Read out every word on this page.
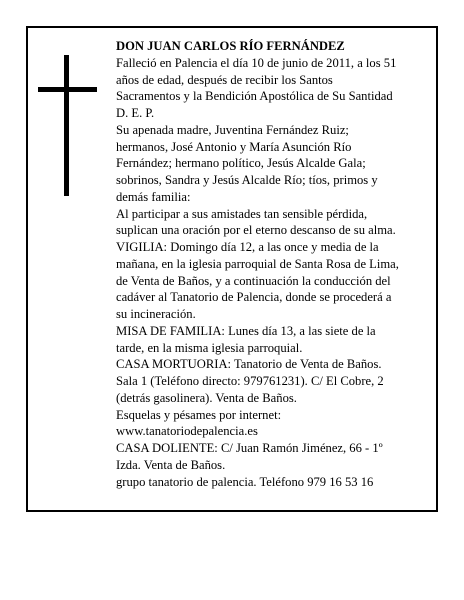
DON JUAN CARLOS RÍO FERNÁNDEZ
Falleció en Palencia el día 10 de junio de 2011, a los 51
años de edad, después de recibir los Santos
Sacramentos y la Bendición Apostólica de Su Santidad
D. E. P.
Su apenada madre, Juventina Fernández Ruiz;
hermanos, José Antonio y María Asunción Río
Fernández; hermano político, Jesús Alcalde Gala;
sobrinos, Sandra y Jesús Alcalde Río; tíos, primos y
demás familia:
Al participar a sus amistades tan sensible pérdida,
suplican una oración por el eterno descanso de su alma.
VIGILIA: Domingo día 12, a las once y media de la
mañana, en la iglesia parroquial de Santa Rosa de Lima,
de Venta de Baños, y a continuación la conducción del
cadáver al Tanatorio de Palencia, donde se procederá a
su incineración.
MISA DE FAMILIA: Lunes día 13, a las siete de la
tarde, en la misma iglesia parroquial.
CASA MORTUORIA: Tanatorio de Venta de Baños.
Sala 1 (Teléfono directo: 979761231). C/ El Cobre, 2
(detrás gasolinera). Venta de Baños.
Esquelas y pésames por internet:
www.tanatoriodepalencia.es
CASA DOLIENTE: C/ Juan Ramón Jiménez, 66 - 1º
Izda. Venta de Baños.
grupo tanatorio de palencia. Teléfono 979 16 53 16
